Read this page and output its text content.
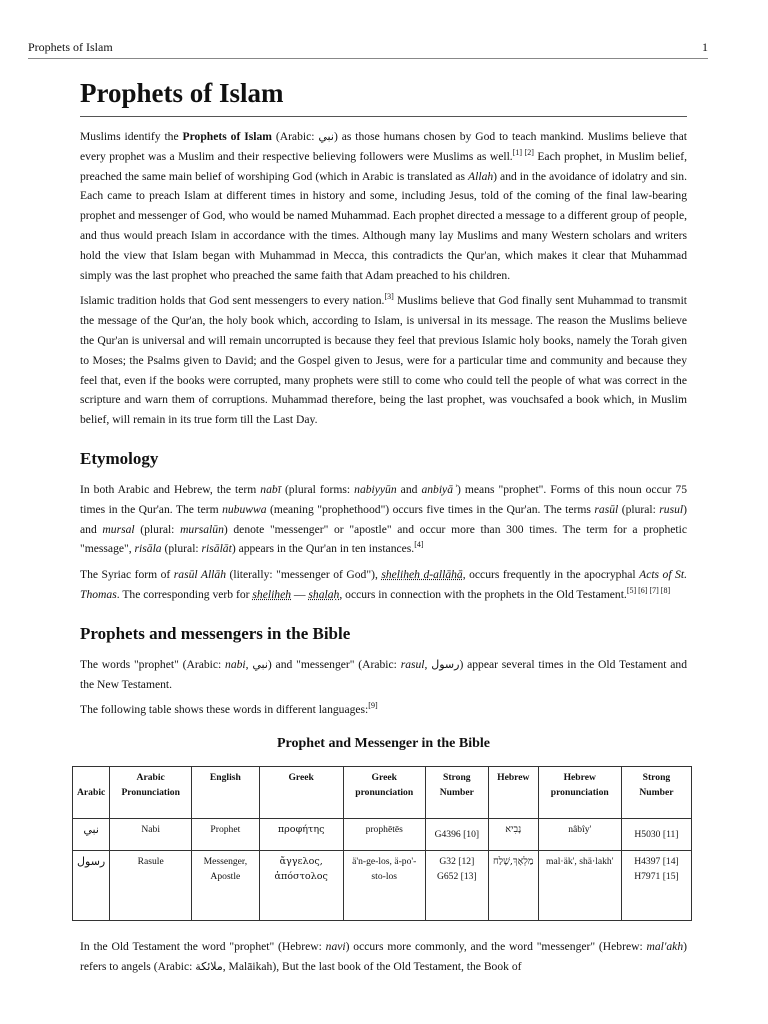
Prophets of Islam	1
Prophets of Islam

Muslims identify the Prophets of Islam (Arabic: نبي) as those humans chosen by God to teach mankind. Muslims believe that every prophet was a Muslim and their respective believing followers were Muslims as well.[1] [2] Each prophet, in Muslim belief, preached the same main belief of worshiping God (which in Arabic is translated as Allah) and in the avoidance of idolatry and sin. Each came to preach Islam at different times in history and some, including Jesus, told of the coming of the final law-bearing prophet and messenger of God, who would be named Muhammad. Each prophet directed a message to a different group of people, and thus would preach Islam in accordance with the times. Although many lay Muslims and many Western scholars and writers hold the view that Islam began with Muhammad in Mecca, this contradicts the Qur'an, which makes it clear that Muhammad simply was the last prophet who preached the same faith that Adam preached to his children.

Islamic tradition holds that God sent messengers to every nation.[3] Muslims believe that God finally sent Muhammad to transmit the message of the Qur'an, the holy book which, according to Islam, is universal in its message. The reason the Muslims believe the Qur'an is universal and will remain uncorrupted is because they feel that previous Islamic holy books, namely the Torah given to Moses; the Psalms given to David; and the Gospel given to Jesus, were for a particular time and community and because they feel that, even if the books were corrupted, many prophets were still to come who could tell the people of what was correct in the scripture and warn them of corruptions. Muhammad therefore, being the last prophet, was vouchsafed a book which, in Muslim belief, will remain in its true form till the Last Day.

Etymology

In both Arabic and Hebrew, the term nabī (plural forms: nabiyyūn and anbiyā ͗) means "prophet". Forms of this noun occur 75 times in the Qur'an. The term nubuwwa (meaning "prophethood") occurs five times in the Qur'an. The terms rasūl (plural: rusul) and mursal (plural: mursalūn) denote "messenger" or "apostle" and occur more than 300 times. The term for a prophetic "message", risāla (plural: risālāt) appears in the Qur'an in ten instances.[4]

The Syriac form of rasūl Allāh (literally: "messenger of God"), sheliḥeh d-allāhā, occurs frequently in the apocryphal Acts of St. Thomas. The corresponding verb for sheliḥeh — shalaḥ, occurs in connection with the prophets in the Old Testament.[5] [6] [7] [8]

Prophets and messengers in the Bible

The words "prophet" (Arabic: nabi, نبي) and "messenger" (Arabic: rasul, رسول) appear several times in the Old Testament and the New Testament.

The following table shows these words in different languages:[9]

Prophet and Messenger in the Bible
Arabic	Arabic Pronunciation	English	Greek	Greek pronunciation	Strong Number	Hebrew	Hebrew pronunciation	Strong Number
نبي	Nabi	Prophet	προφήτης	prophētēs	G4396 [10]	נָבִיא	nâbîy'	H5030 [11]
رسول	Rasule	Messenger, Apostle	ἄγγελος, ἀπόστολος	ä'n-ge-los, ä-po'-sto-los	G32 [12] G652 [13]	מַלְאָךְ,שָׁלַח	mal·äk', shä·lakh'	H4397 [14] H7971 [15]

In the Old Testament the word "prophet" (Hebrew: navi) occurs more commonly, and the word "messenger" (Hebrew: mal'akh) refers to angels (Arabic: ملائكة, Malāikah), But the last book of the Old Testament, the Book of
